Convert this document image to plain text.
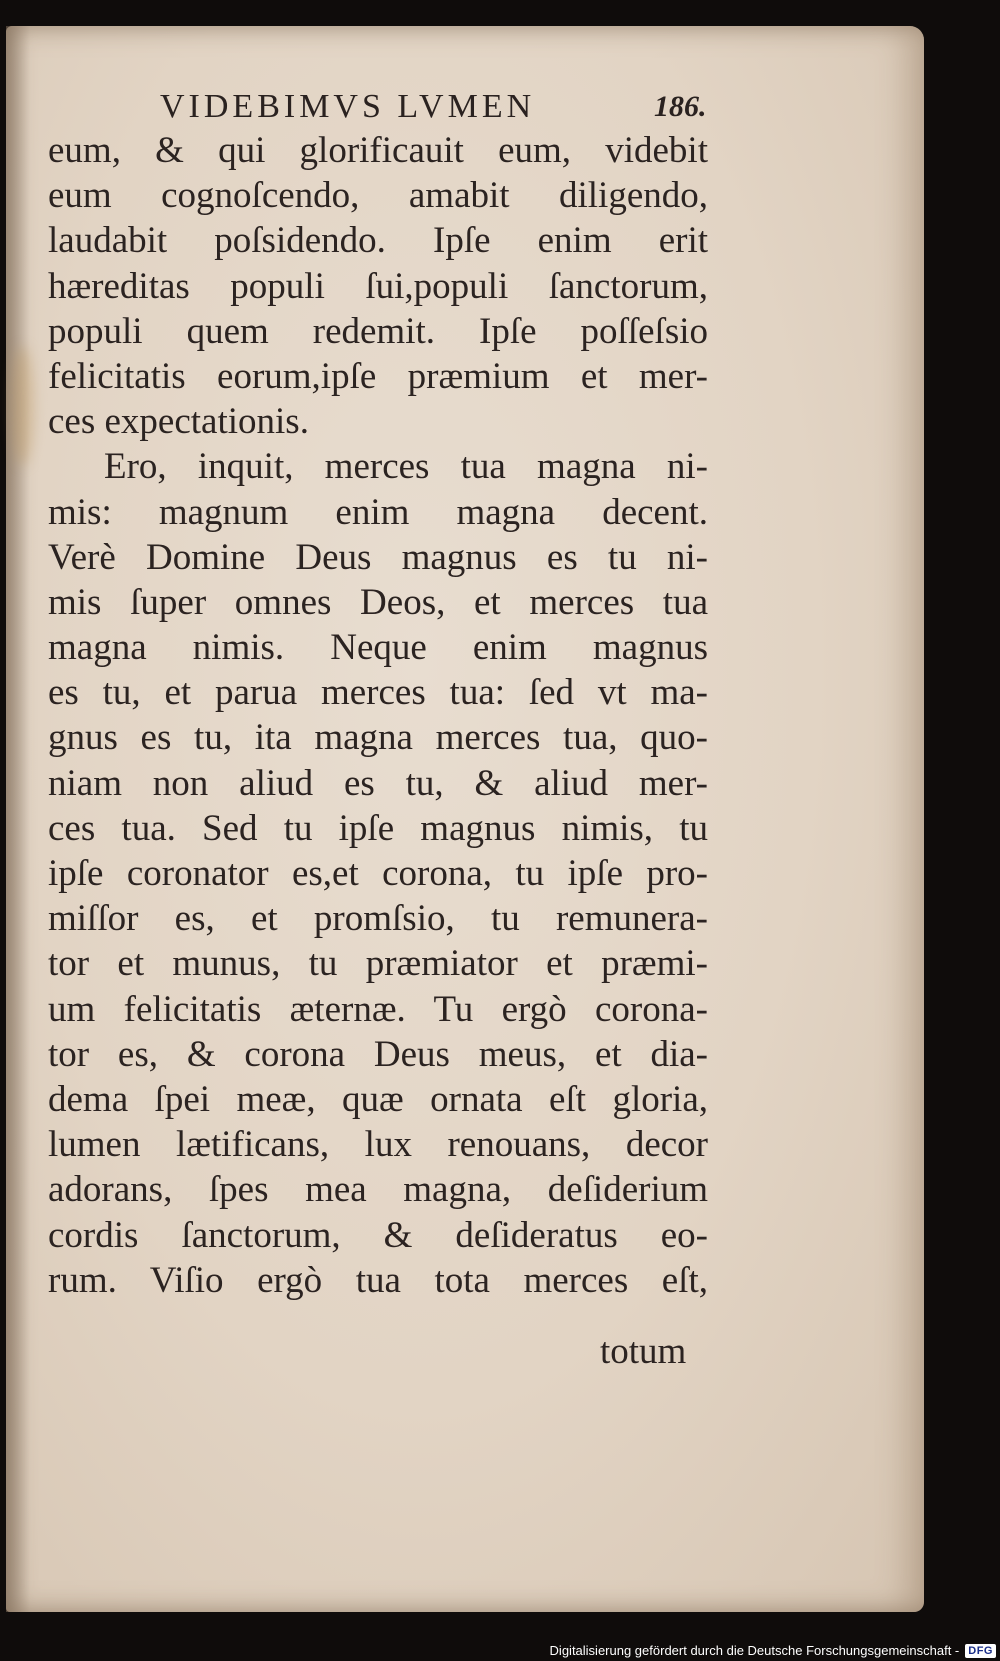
VIDEBIMVS LVMEN	186.
eum, & qui glorificauit eum, videbit
eum cognoſcendo, amabit diligendo,
laudabit poſsidendo. Ipſe enim erit
hæreditas populi ſui,populi ſanctorum,
populi quem redemit. Ipſe poſſeſsio
felicitatis eorum,ipſe præmium et mer-
ces expectationis.
Ero, inquit, merces tua magna ni-
mis: magnum enim magna decent.
Verè Domine Deus magnus es tu ni-
mis ſuper omnes Deos, et merces tua
magna nimis. Neque enim magnus
es tu, et parua merces tua: ſed vt ma-
gnus es tu, ita magna merces tua, quo-
niam non aliud es tu, & aliud mer-
ces tua. Sed tu ipſe magnus nimis, tu
ipſe coronator es,et corona, tu ipſe pro-
miſſor es, et promſsio, tu remunera-
tor et munus, tu præmiator et præmi-
um felicitatis æternæ. Tu ergò corona-
tor es, & corona Deus meus, et dia-
dema ſpei meæ, quæ ornata eſt gloria,
lumen lætificans, lux renouans, decor
adorans, ſpes mea magna, deſiderium
cordis ſanctorum, & deſideratus eo-
rum. Viſio ergò tua tota merces eſt,
totum
Digitalisierung gefördert durch die Deutsche Forschungsgemeinschaft - DFG
